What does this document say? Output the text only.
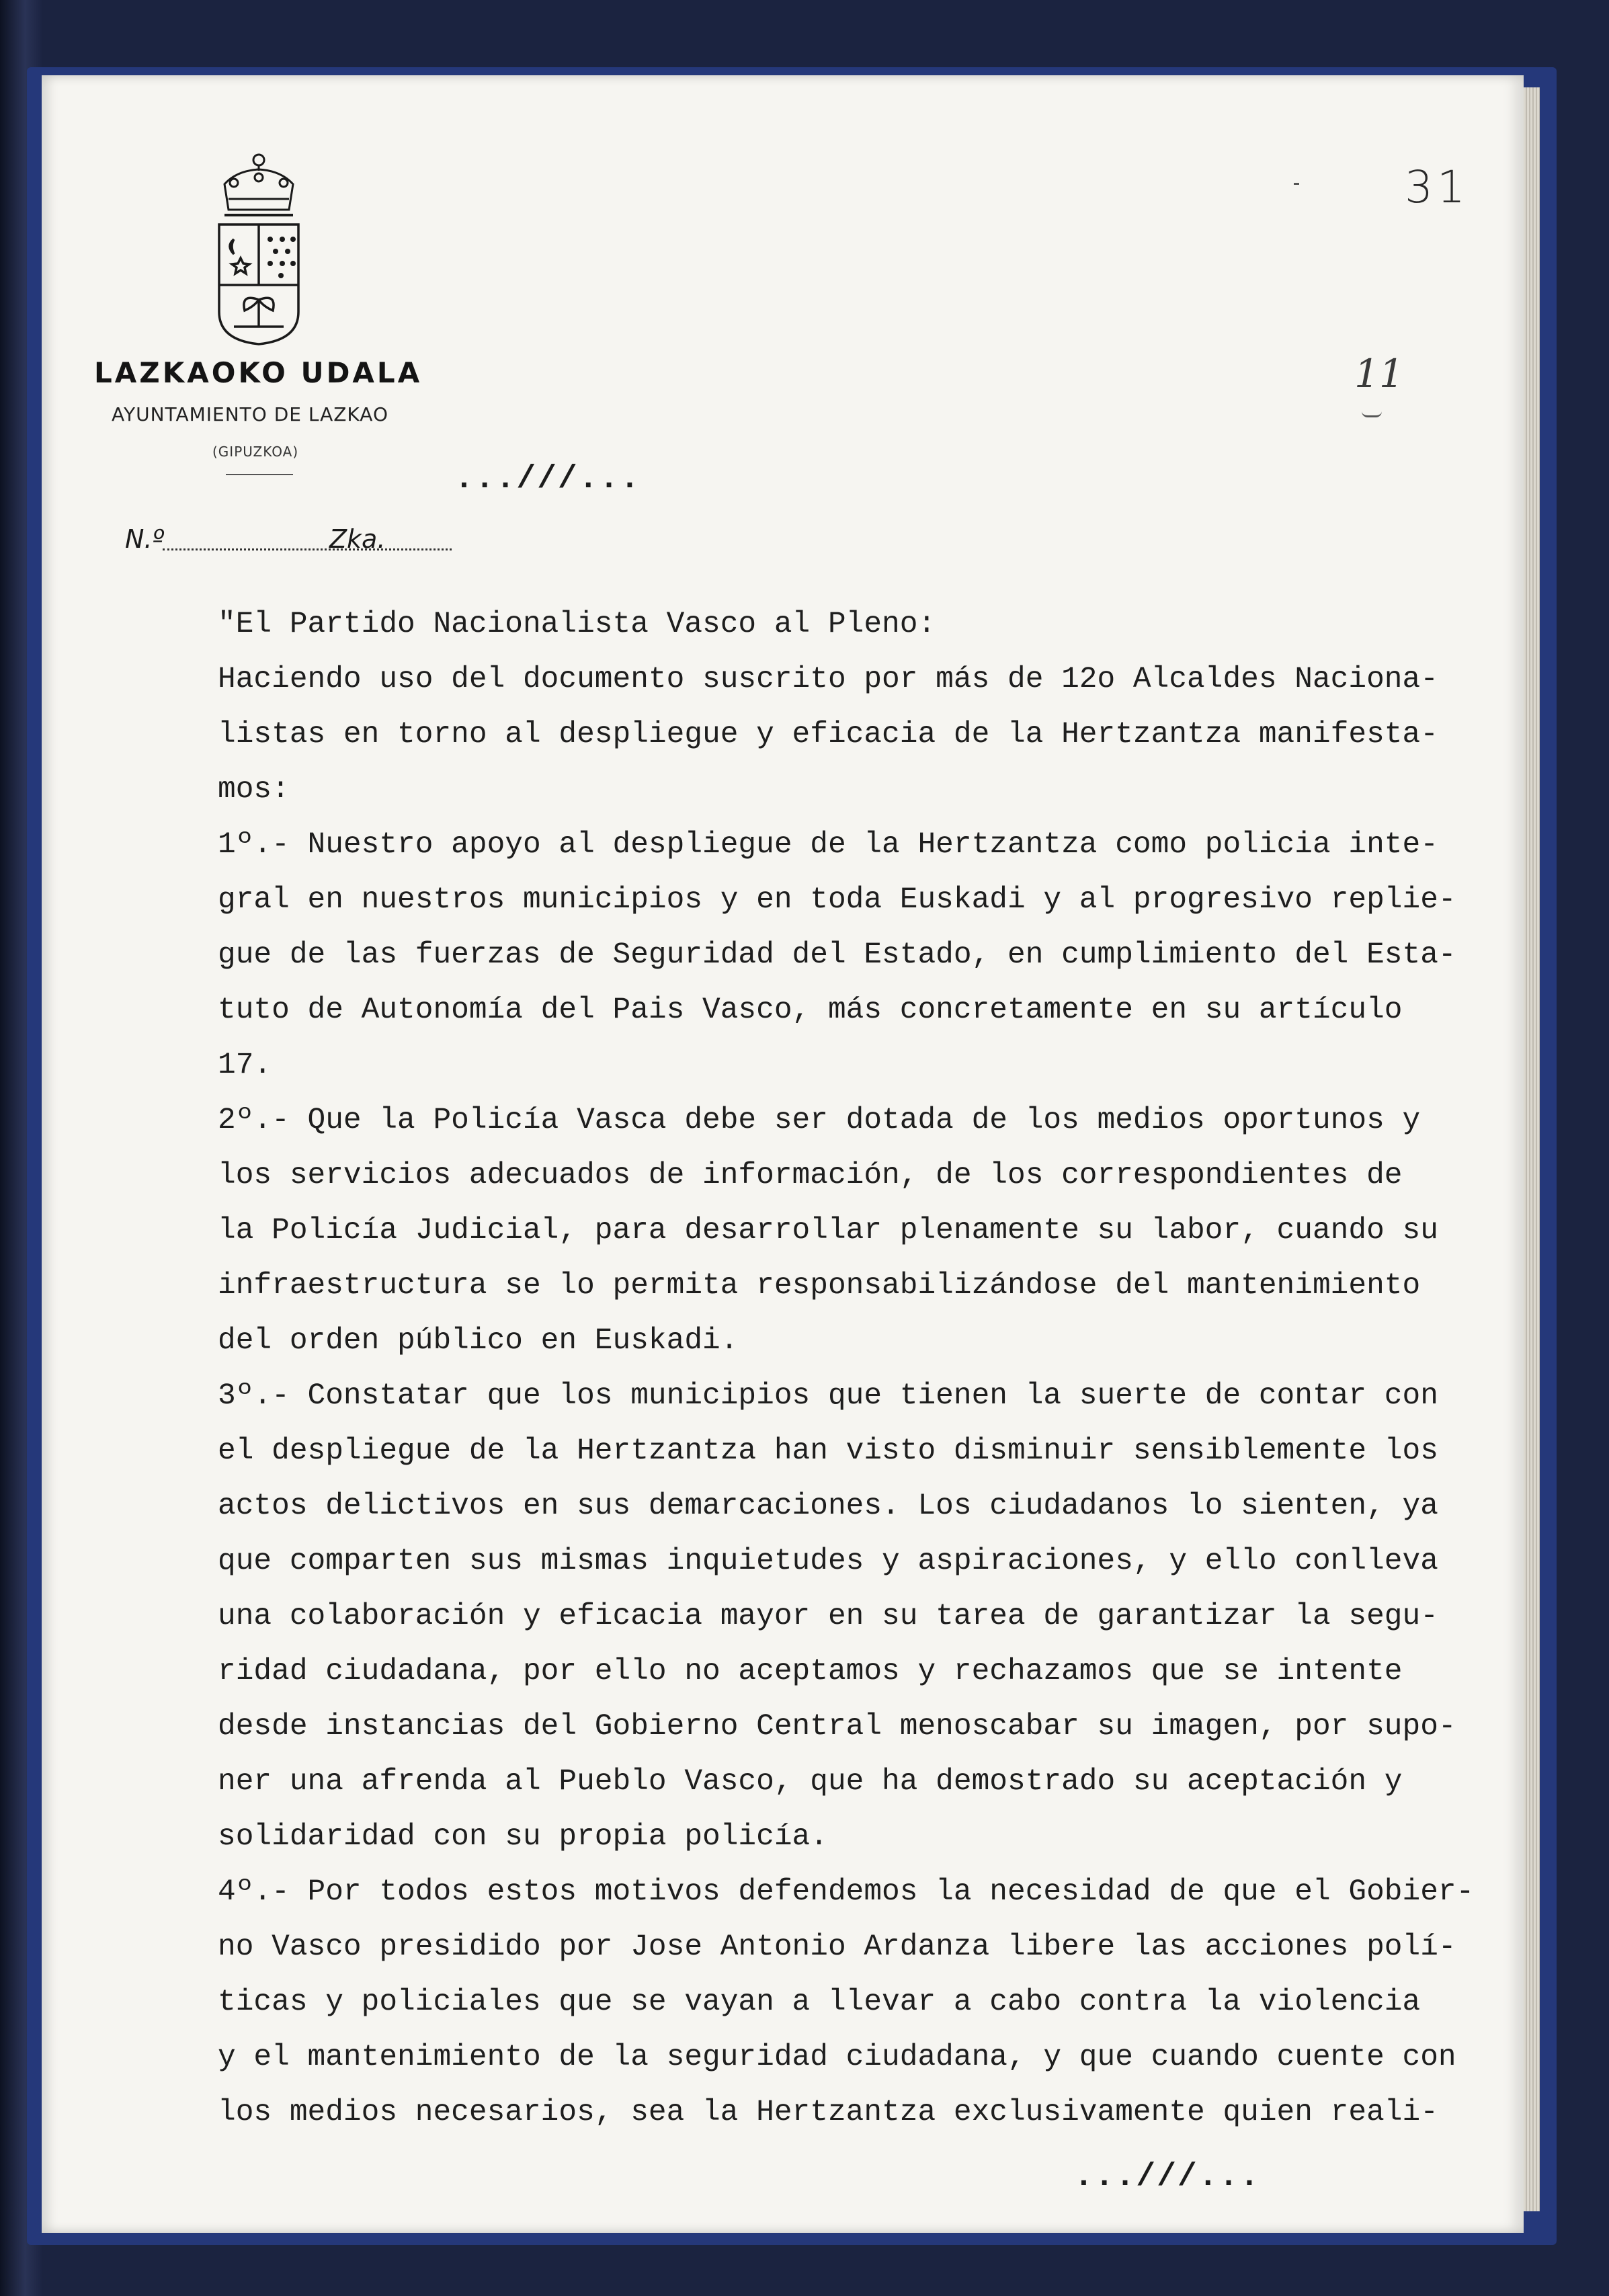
LAZKAOKO UDALA
AYUNTAMIENTO DE LAZKAO
(GIPUZKOA)
N.º	Zka.
31
11
...///...
"El Partido Nacionalista Vasco al Pleno:
Haciendo uso del documento suscrito por más de 12o Alcaldes Naciona-
listas en torno al despliegue y eficacia de la Hertzantza manifesta-
mos:
1º.- Nuestro apoyo al despliegue de la Hertzantza como policia inte-
gral en nuestros municipios y en toda Euskadi y al progresivo replie-
gue de las fuerzas de Seguridad del Estado, en cumplimiento del Esta-
tuto de Autonomía del Pais Vasco, más concretamente en su artículo
17.
2º.- Que la Policía Vasca debe ser dotada de los medios oportunos y
los servicios adecuados de información, de los correspondientes de
la Policía Judicial, para desarrollar plenamente su labor, cuando su
infraestructura se lo permita responsabilizándose del mantenimiento
del orden público en Euskadi.
3º.- Constatar que los municipios que tienen la suerte de contar con
el despliegue de la Hertzantza han visto disminuir sensiblemente los
actos delictivos en sus demarcaciones. Los ciudadanos lo sienten, ya
que comparten sus mismas inquietudes y aspiraciones, y ello conlleva
una colaboración y eficacia mayor en su tarea de garantizar la segu-
ridad ciudadana, por ello no aceptamos y rechazamos que se intente
desde instancias del Gobierno Central menoscabar su imagen, por supo-
ner una afrenda al Pueblo Vasco, que ha demostrado su aceptación y
solidaridad con su propia policía.
4º.- Por todos estos motivos defendemos la necesidad de que el Gobier-
no Vasco presidido por Jose Antonio Ardanza libere las acciones polí-
ticas y policiales que se vayan a llevar a cabo contra la violencia
y el mantenimiento de la seguridad ciudadana, y que cuando cuente con
los medios necesarios, sea la Hertzantza exclusivamente quien reali-
...///...
